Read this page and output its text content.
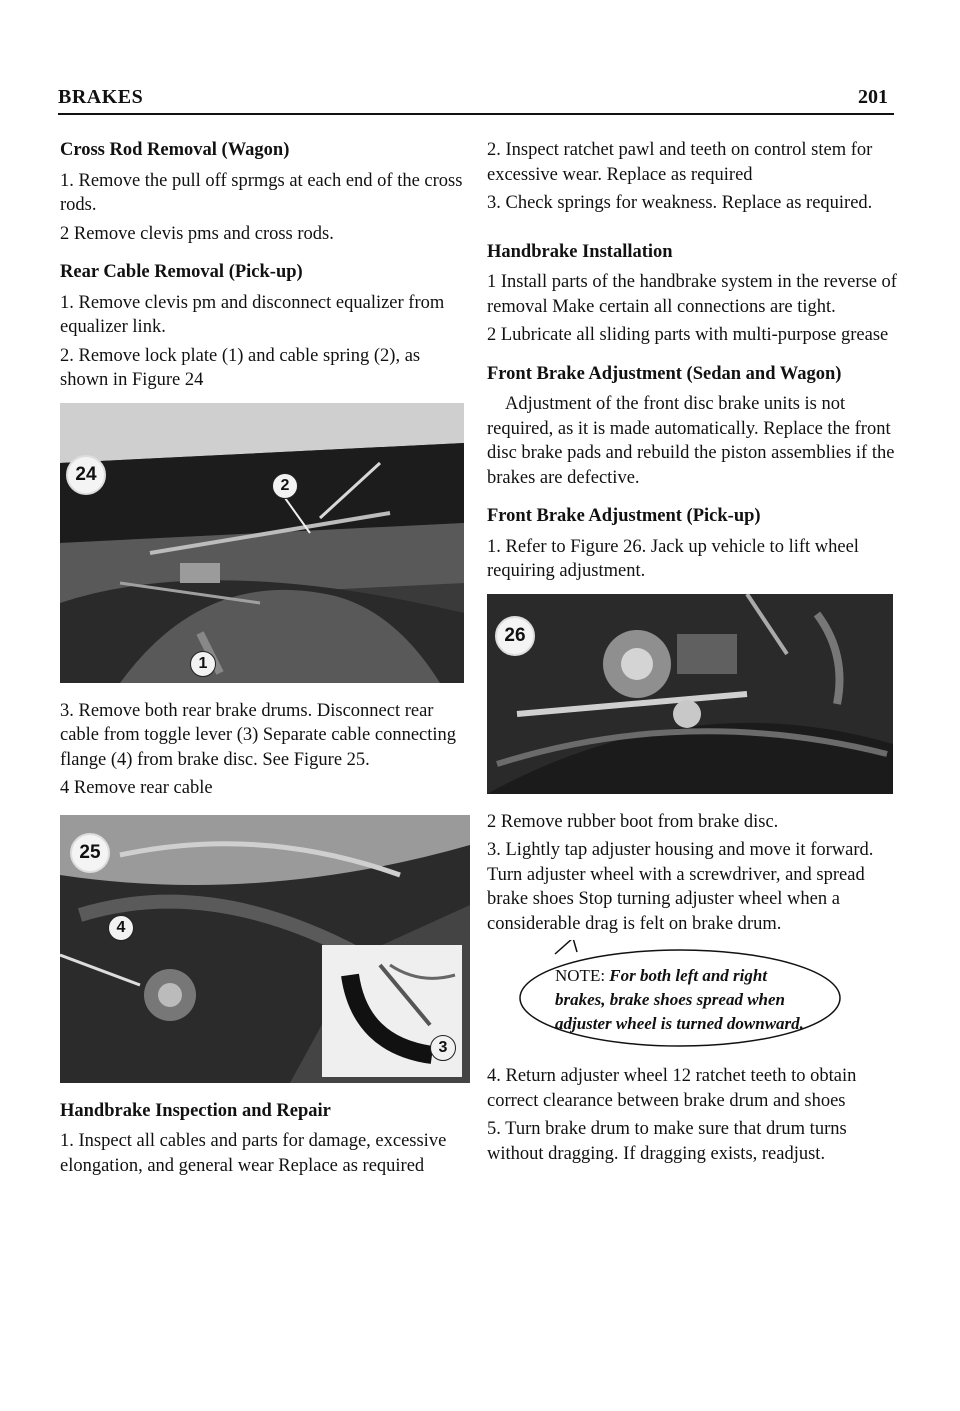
BRAKES	201
Cross Rod Removal (Wagon)
1. Remove the pull off sprmgs at each end of the cross rods.
2 Remove clevis pms and cross rods.
Rear Cable Removal (Pick-up)
1. Remove clevis pm and disconnect equalizer from equalizer link.
2. Remove lock plate (1) and cable spring (2), as shown in Figure 24
24
2
1
3. Remove both rear brake drums. Disconnect rear cable from toggle lever (3) Separate cable connecting flange (4) from brake disc. See Figure 25.
4 Remove rear cable
25
4
3
Handbrake Inspection and Repair
1. Inspect all cables and parts for damage, excessive elongation, and general wear Replace as required
2. Inspect ratchet pawl and teeth on control stem for excessive wear. Replace as required
3. Check springs for weakness. Replace as required.
Handbrake Installation
1 Install parts of the handbrake system in the reverse of removal Make certain all connections are tight.
2 Lubricate all sliding parts with multi-purpose grease
Front Brake Adjustment (Sedan and Wagon)
Adjustment of the front disc brake units is not required, as it is made automatically. Replace the front disc brake pads and rebuild the piston assemblies if the brakes are defective.
Front Brake Adjustment (Pick-up)
1. Refer to Figure 26. Jack up vehicle to lift wheel requiring adjustment.
26
2 Remove rubber boot from brake disc.
3. Lightly tap adjuster housing and move it forward. Turn adjuster wheel with a screwdriver, and spread brake shoes Stop turning adjuster wheel when a considerable drag is felt on brake drum.
NOTE: For both left and right brakes, brake shoes spread when adjuster wheel is turned downward.
4. Return adjuster wheel 12 ratchet teeth to obtain correct clearance between brake drum and shoes
5. Turn brake drum to make sure that drum turns without dragging. If dragging exists, readjust.
